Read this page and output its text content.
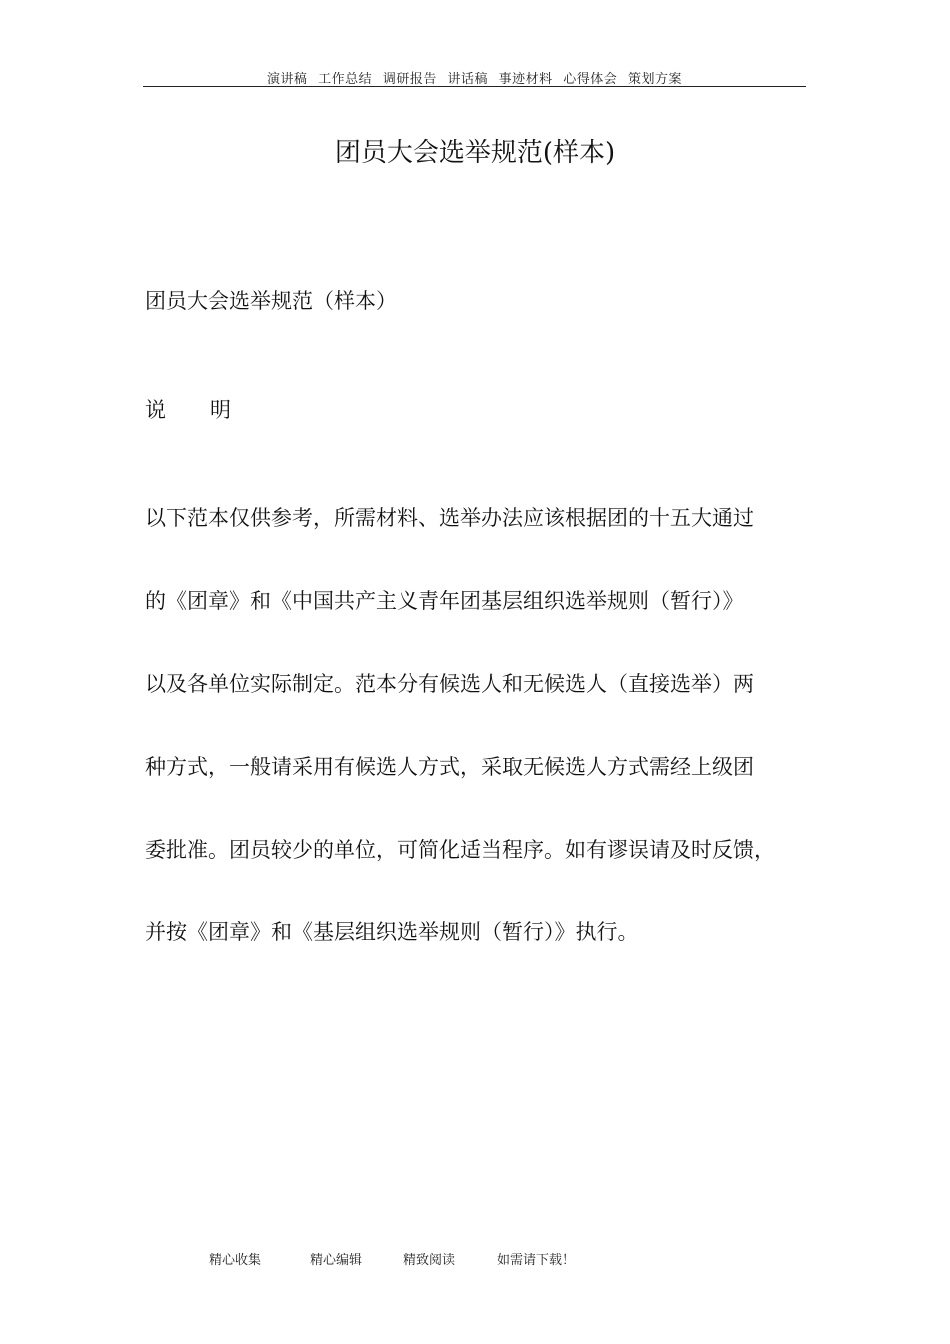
演讲稿 工作总结 调研报告 讲话稿 事迹材料 心得体会 策划方案
团员大会选举规范(样本)
团员大会选举规范（样本）
说 明
以下范本仅供参考，所需材料、选举办法应该根据团的十五大通过
的《团章》和《中国共产主义青年团基层组织选举规则（暂行）》
以及各单位实际制定。范本分有候选人和无候选人（直接选举）两
种方式，一般请采用有候选人方式，采取无候选人方式需经上级团
委批准。团员较少的单位，可简化适当程序。如有谬误请及时反馈，
并按《团章》和《基层组织选举规则（暂行）》执行。
精心收集	精心编辑	精致阅读	如需请下载！
